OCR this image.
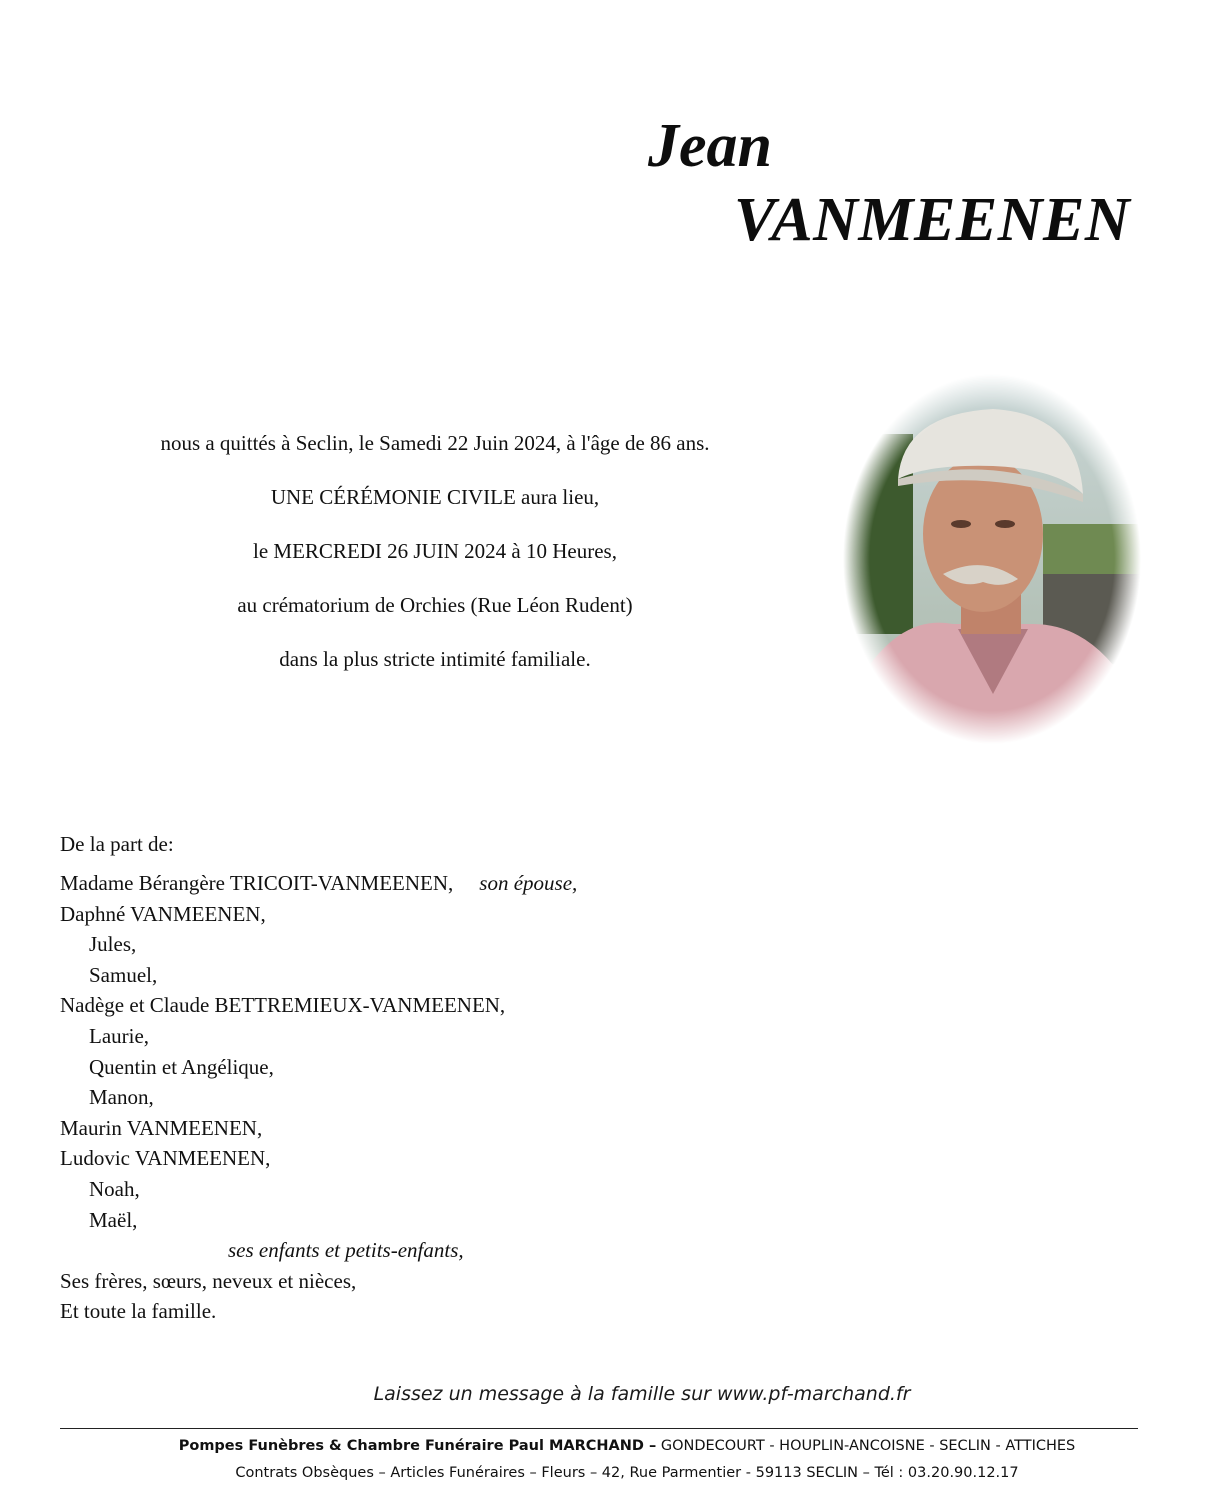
Jean
VANMEENEN

nous a quittés à Seclin, le Samedi 22 Juin 2024, à l'âge de 86 ans.

UNE CÉRÉMONIE CIVILE aura lieu,

le MERCREDI 26 JUIN 2024 à 10 Heures,

au crématorium de Orchies (Rue Léon Rudent)

dans la plus stricte intimité familiale.

De la part de:
Madame Bérangère TRICOIT-VANMEENEN, son épouse,
Daphné VANMEENEN,
Jules,
Samuel,
Nadège et Claude BETTREMIEUX-VANMEENEN,
Laurie,
Quentin et Angélique,
Manon,
Maurin VANMEENEN,
Ludovic VANMEENEN,
Noah,
Maël,
ses enfants et petits-enfants,
Ses frères, sœurs, neveux et nièces,
Et toute la famille.
Laissez un message à la famille sur www.pf-marchand.fr
Pompes Funèbres & Chambre Funéraire Paul MARCHAND – GONDECOURT - HOUPLIN-ANCOISNE - SECLIN - ATTICHES
Contrats Obsèques – Articles Funéraires – Fleurs – 42, Rue Parmentier - 59113 SECLIN – Tél : 03.20.90.12.17
